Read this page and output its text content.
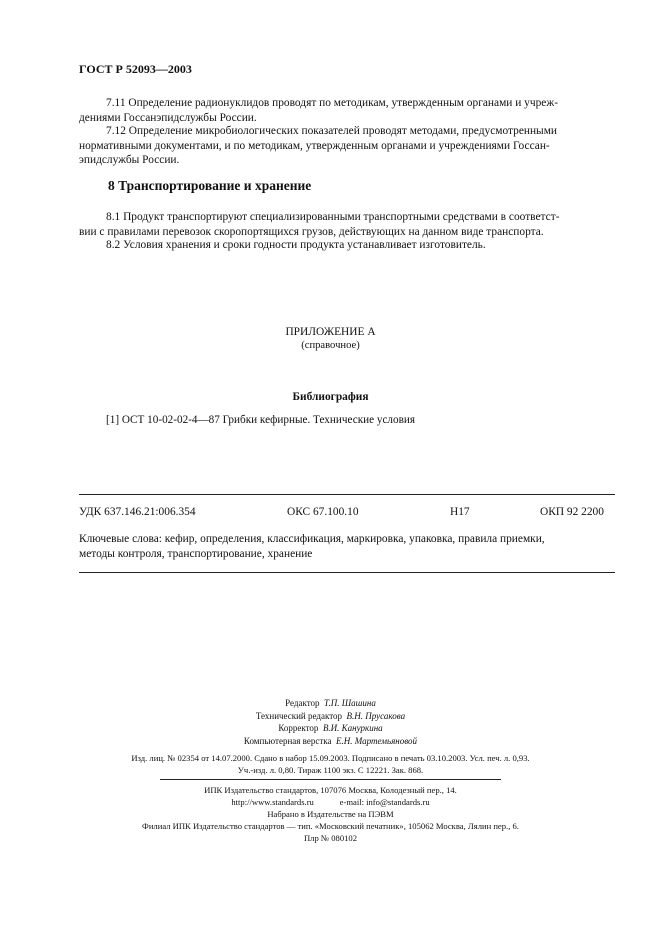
ГОСТ Р 52093—2003
7.11 Определение радионуклидов проводят по методикам, утвержденным органами и учреж-
дениями Госсанэпидслужбы России.
7.12 Определение микробиологических показателей проводят методами, предусмотренными
нормативными документами, и по методикам, утвержденным органами и учреждениями Госсан-
эпидслужбы России.
8 Транспортирование и хранение
8.1 Продукт транспортируют специализированными транспортными средствами в соответст-
вии с правилами перевозок скоропортящихся грузов, действующих на данном виде транспорта.
8.2 Условия хранения и сроки годности продукта устанавливает изготовитель.
ПРИЛОЖЕНИЕ А
(справочное)
Библиография
[1] ОСТ 10-02-02-4—87 Грибки кефирные. Технические условия
УДК 637.146.21:006.354	ОКС 67.100.10	Н17	ОКП 92 2200
Ключевые слова: кефир, определения, классификация, маркировка, упаковка, правила приемки,
методы контроля, транспортирование, хранение
Редактор Т.П. Шашина
Технический редактор В.Н. Прусакова
Корректор В.И. Кануркина
Компьютерная верстка Е.Н. Мартемьяновой
Изд. лиц. № 02354 от 14.07.2000. Сдано в набор 15.09.2003. Подписано в печать 03.10.2003. Усл. печ. л. 0,93.
Уч.-изд. л. 0,80. Тираж 1100 экз. С 12221. Зак. 868.
ИПК Издательство стандартов, 107076 Москва, Колодезный пер., 14.
http://www.standards.ru	e-mail: info@standards.ru
Набрано в Издательстве на ПЭВМ
Филиал ИПК Издательство стандартов — тип. «Московский печатник», 105062 Москва, Лялин пер., 6.
Плр № 080102
